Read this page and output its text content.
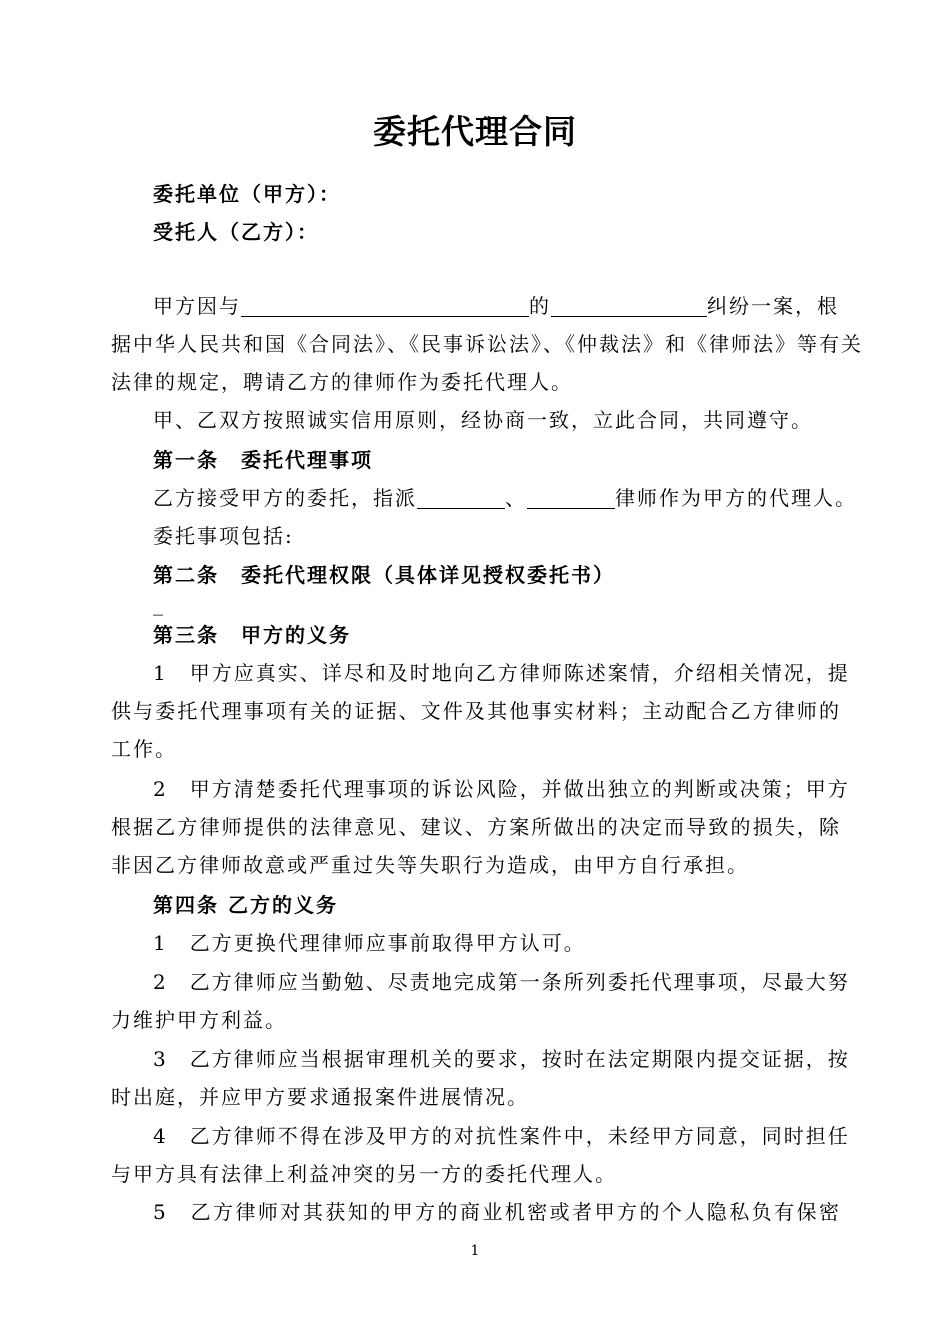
委托代理合同
委托单位（甲方）：
受托人（乙方）：
甲方因与	的	纠纷一案，根
据中华人民共和国《合同法》、《民事诉讼法》、《仲裁法》和《律师法》等有关
法律的规定，聘请乙方的律师作为委托代理人。
甲、乙双方按照诚实信用原则，经协商一致，立此合同，共同遵守。
第一条　委托代理事项
乙方接受甲方的委托，指派	、	律师作为甲方的代理人。
委托事项包括:
第二条　委托代理权限（具体详见授权委托书）
_
第三条　甲方的义务
1　甲方应真实、详尽和及时地向乙方律师陈述案情，介绍相关情况，提
供与委托代理事项有关的证据、文件及其他事实材料；主动配合乙方律师的
工作。
2　甲方清楚委托代理事项的诉讼风险，并做出独立的判断或决策；甲方
根据乙方律师提供的法律意见、建议、方案所做出的决定而导致的损失，除
非因乙方律师故意或严重过失等失职行为造成，由甲方自行承担。
第四条 乙方的义务
1　乙方更换代理律师应事前取得甲方认可。
2　乙方律师应当勤勉、尽责地完成第一条所列委托代理事项，尽最大努
力维护甲方利益。
3　乙方律师应当根据审理机关的要求，按时在法定期限内提交证据，按
时出庭，并应甲方要求通报案件进展情况。
4　乙方律师不得在涉及甲方的对抗性案件中，未经甲方同意，同时担任
与甲方具有法律上利益冲突的另一方的委托代理人。
5　乙方律师对其获知的甲方的商业机密或者甲方的个人隐私负有保密
1
